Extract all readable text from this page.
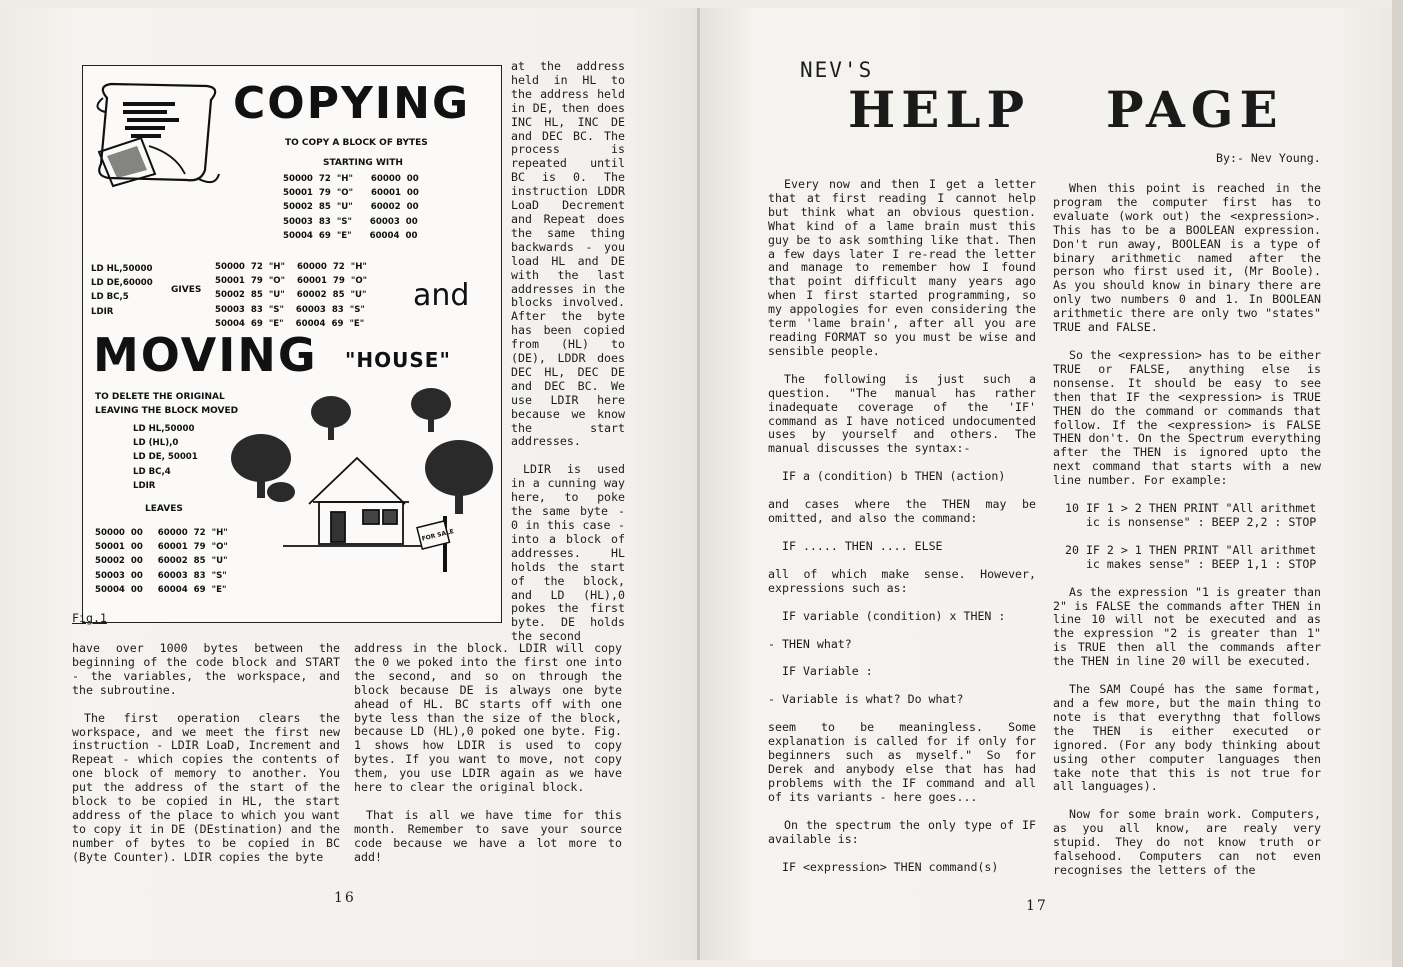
COPYING
TO COPY A BLOCK OF BYTES
STARTING WITH
50000  72  "H"      60000  00
50001  79  "O"      60001  00
50002  85  "U"      60002  00
50003  83  "S"      60003  00
50004  69  "E"      60004  00
LD HL,50000
LD DE,60000
LD BC,5
LDIR
GIVES
50000  72  "H"    60000  72  "H"
50001  79  "O"    60001  79  "O"
50002  85  "U"    60002  85  "U"
50003  83  "S"    60003  83  "S"
50004  69  "E"    60004  69  "E"
and
MOVING "HOUSE"
TO DELETE THE ORIGINAL
LEAVING THE BLOCK MOVED
LD HL,50000
LD (HL),0
LD DE, 50001
LD BC,4
LDIR
LEAVES
50000  00     60000  72  "H"
50001  00     60001  79  "O"
50002  00     60002  85  "U"
50003  00     60003  83  "S"
50004  00     60004  69  "E"
FOR SALE
Fig.1

at the address held in HL to the address held in DE, then does INC HL, INC DE and DEC BC. The process is repeated until BC is 0. The instruction LDDR LoaD Decrement and Repeat does the same thing backwards - you load HL and DE with the last addresses in the blocks involved. After the byte has been copied from (HL) to (DE), LDDR does DEC HL, DEC DE and DEC BC. We use LDIR here because we know the start addresses.

LDIR is used in a cunning way here, to poke the same byte - 0 in this case - into a block of addresses. HL holds the start of the block, and LD (HL),0 pokes the first byte. DE holds the second

have over 1000 bytes between the beginning of the code block and START - the variables, the workspace, and the subroutine.

The first operation clears the workspace, and we meet the first new instruction - LDIR LoaD, Increment and Repeat - which copies the contents of one block of memory to another. You put the address of the start of the block to be copied in HL, the start address of the place to which you want to copy it in DE (DEstination) and the number of bytes to be copied in BC (Byte Counter). LDIR copies the byte

address in the block. LDIR will copy the 0 we poked into the first one into the second, and so on through the block because DE is always one byte ahead of HL. BC starts off with one byte less than the size of the block, because LD (HL),0 poked one byte. Fig. 1 shows how LDIR is used to copy bytes. If you want to move, not copy them, you use LDIR again as we have here to clear the original block.

That is all we have time for this month. Remember to save your source code because we have a lot more to add!

16
NEV'S
HELP PAGE
By:- Nev Young.

Every now and then I get a letter that at first reading I cannot help but think what an obvious question. What kind of a lame brain must this guy be to ask somthing like that. Then a few days later I re-read the letter and manage to remember how I found that point difficult many years ago when I first started programming, so my appologies for even considering the term 'lame brain', after all you are reading FORMAT so you must be wise and sensible people.

The following is just such a question. "The manual has rather inadequate coverage of the 'IF' command as I have noticed undocumented uses by yourself and others. The manual discusses the syntax:-

IF a (condition) b THEN (action)

and cases where the THEN may be omitted, and also the command:

IF ..... THEN .... ELSE

all of which make sense. However, expressions such as:

IF variable (condition) x THEN :

- THEN what?

IF Variable :

- Variable is what? Do what?

seem to be meaningless. Some explanation is called for if only for beginners such as myself." So for Derek and anybody else that has had problems with the IF command and all of its variants - here goes...

On the spectrum the only type of IF available is:

IF <expression> THEN command(s)

When this point is reached in the program the computer first has to evaluate (work out) the <expression>. This has to be a BOOLEAN expression. Don't run away, BOOLEAN is a type of binary arithmetic named after the person who first used it, (Mr Boole). As you should know in binary there are only two numbers 0 and 1. In BOOLEAN arithmetic there are only two "states" TRUE and FALSE.

So the <expression> has to be either TRUE or FALSE, anything else is nonsense. It should be easy to see then that IF the <expression> is TRUE THEN do the command or commands that follow. If the <expression> is FALSE THEN don't. On the Spectrum everything after the THEN is ignored upto the next command that starts with a new line number. For example:

10 IF 1 > 2 THEN PRINT "All arithmet
ic is nonsense" : BEEP 2,2 : STOP

20 IF 2 > 1 THEN PRINT "All arithmet
ic makes sense" : BEEP 1,1 : STOP

As the expression "1 is greater than 2" is FALSE the commands after THEN in line 10 will not be executed and as the expression "2 is greater than 1" is TRUE then all the commands after the THEN in line 20 will be executed.

The SAM Coupé has the same format, and a few more, but the main thing to note is that everythng that follows the THEN is either executed or ignored. (For any body thinking about using other computer languages then take note that this is not true for all languages).

Now for some brain work. Computers, as you all know, are realy very stupid. They do not know truth or falsehood. Computers can not even recognises the letters of the

17
